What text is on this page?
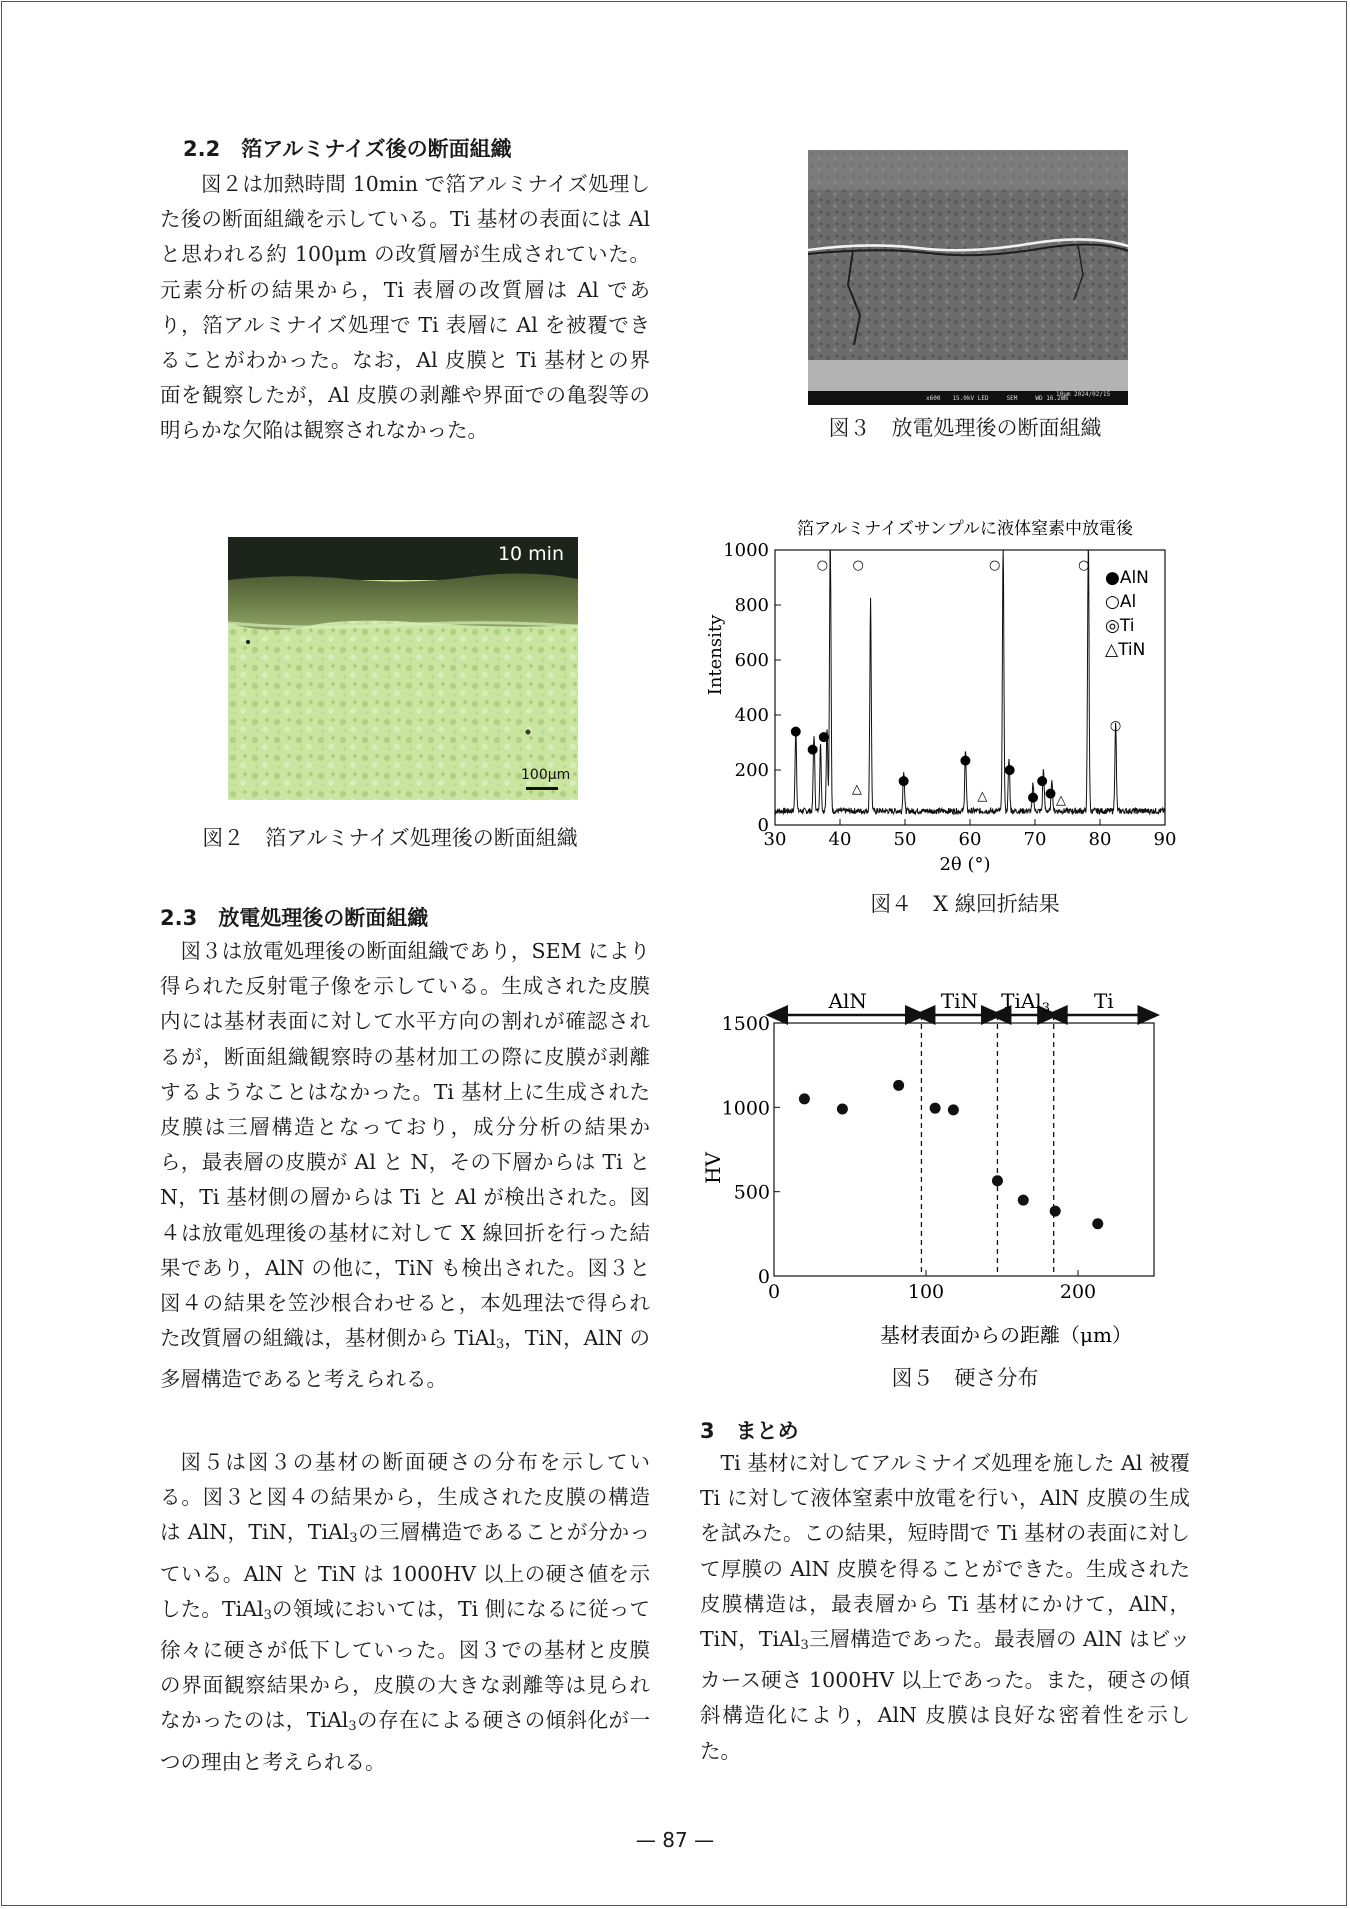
2.2　箔アルミナイズ後の断面組織

図２は加熱時間 10min で箔アルミナイズ処理した後の断面組織を示している。Ti 基材の表面には Al と思われる約 100μm の改質層が生成されていた。元素分析の結果から，Ti 表層の改質層は Al であり，箔アルミナイズ処理で Ti 表層に Al を被覆できることがわかった。なお，Al 皮膜と Ti 基材との界面を観察したが，Al 皮膜の剥離や界面での亀裂等の明らかな欠陥は観察されなかった。

10 min
100μm
図２　箔アルミナイズ処理後の断面組織
x600　　15.0kV LED　　　SEM　　　WD 16.2mm
10μm 2024/02/15
図３　放電処理後の断面組織
箔アルミナイズサンプルに液体窒素中放電後
Intensity
2θ (°)
30 40 50 60 70 80 90
0
200
400
600
800
1000
●
●
●
○ ○
△
●
●
△
○
●
●
●
● △
○
○
●AlN
○Al
◎Ti
△TiN
図４　X 線回折結果
HV
基材表面からの距離（μm）
0	100	200
0
500
1000
1500
AlN	TiN TiAl$_3$ Ti
図５　硬さ分布
2.3　放電処理後の断面組織
図３は放電処理後の断面組織であり，SEM により得られた反射電子像を示している。生成された皮膜内には基材表面に対して水平方向の割れが確認されるが，断面組織観察時の基材加工の際に皮膜が剥離するようなことはなかった。Ti 基材上に生成された皮膜は三層構造となっており，成分分析の結果から，最表層の皮膜が Al と N，その下層からは Ti と N，Ti 基材側の層からは Ti と Al が検出された。図４は放電処理後の基材に対して X 線回折を行った結果であり，AlN の他に，TiN も検出された。図３と図４の結果を笠沙根合わせると，本処理法で得られた改質層の組織は，基材側から TiAl$_3$，TiN，AlN の多層構造であると考えられる。
図５は図３の基材の断面硬さの分布を示している。図３と図４の結果から，生成された皮膜の構造は AlN，TiN，TiAl$_3$の三層構造であることが分かっている。AlN と TiN は 1000HV 以上の硬さ値を示した。TiAl$_3$の領域においては，Ti 側になるに従って徐々に硬さが低下していった。図３での基材と皮膜の界面観察結果から，皮膜の大きな剥離等は見られなかったのは，TiAl$_3$の存在による硬さの傾斜化が一つの理由と考えられる。
3　まとめ
Ti 基材に対してアルミナイズ処理を施した Al 被覆 Ti に対して液体窒素中放電を行い，AlN 皮膜の生成を試みた。この結果，短時間で Ti 基材の表面に対して厚膜の AlN 皮膜を得ることができた。生成された皮膜構造は，最表層から Ti 基材にかけて，AlN，TiN，TiAl$_3$三層構造であった。最表層の AlN はビッカース硬さ 1000HV 以上であった。また，硬さの傾斜構造化により，AlN 皮膜は良好な密着性を示した。
— 87 —
